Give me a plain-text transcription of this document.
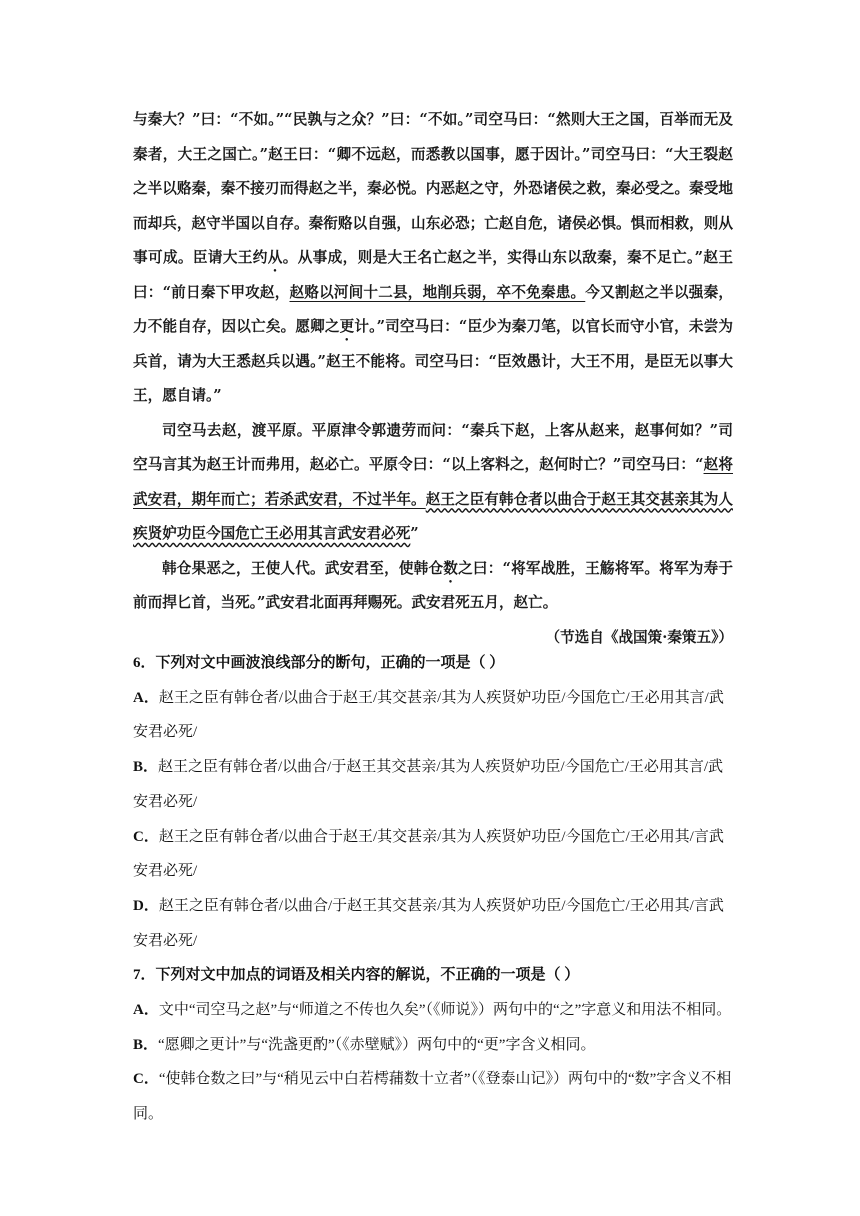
与秦大？”曰：“不如。”“民孰与之众？”曰：“不如。”司空马曰：“然则大王之国，百举而无及秦者，大王之国亡。”赵王曰：“卿不远赵，而悉教以国事，愿于因计。”司空马曰：“大王裂赵之半以赂秦，秦不接刃而得赵之半，秦必悦。内恶赵之守，外恐诸侯之救，秦必受之。秦受地而却兵，赵守半国以自存。秦衔赂以自强，山东必恐；亡赵自危，诸侯必惧。惧而相救，则从事可成。臣请大王约从。从事成，则是大王名亡赵之半，实得山东以敌秦，秦不足亡。”赵王曰：“前日秦下甲攻赵，赵赂以河间十二县，地削兵弱，卒不免秦患。今又割赵之半以强秦，力不能自存，因以亡矣。愿卿之更计。”司空马曰：“臣少为秦刀笔，以官长而守小官，未尝为兵首，请为大王悉赵兵以遇。”赵王不能将。司空马曰：“臣效愚计，大王不用，是臣无以事大王，愿自请。”

司空马去赵，渡平原。平原津令郭遗劳而问：“秦兵下赵，上客从赵来，赵事何如？”司空马言其为赵王计而弗用，赵必亡。平原令曰：“以上客料之，赵何时亡？”司空马曰：“赵将武安君，期年而亡；若杀武安君，不过半年。赵王之臣有韩仓者以曲合于赵王其交甚亲其为人疾贤妒功臣今国危亡王必用其言武安君必死”

韩仓果恶之，王使人代。武安君至，使韩仓数之曰：“将军战胜，王觞将军。将军为寿于前而捍匕首，当死。”武安君北面再拜赐死。武安君死五月，赵亡。

（节选自《战国策·秦策五》）

6．下列对文中画波浪线部分的断句，正确的一项是（ ）

A．赵王之臣有韩仓者/以曲合于赵王/其交甚亲/其为人疾贤妒功臣/今国危亡/王必用其言/武安君必死/

B．赵王之臣有韩仓者/以曲合/于赵王其交甚亲/其为人疾贤妒功臣/今国危亡/王必用其言/武安君必死/

C．赵王之臣有韩仓者/以曲合于赵王/其交甚亲/其为人疾贤妒功臣/今国危亡/王必用其/言武安君必死/

D．赵王之臣有韩仓者/以曲合/于赵王其交甚亲/其为人疾贤妒功臣/今国危亡/王必用其/言武安君必死/

7．下列对文中加点的词语及相关内容的解说，不正确的一项是（ ）

A．文中“司空马之赵”与“师道之不传也久矣”（《师说》）两句中的“之”字意义和用法不相同。

B．“愿卿之更计”与“洗盏更酌”（《赤壁赋》）两句中的“更”字含义相同。

C．“使韩仓数之曰”与“稍见云中白若樗蒱数十立者”（《登泰山记》）两句中的“数”字含义不相同。
